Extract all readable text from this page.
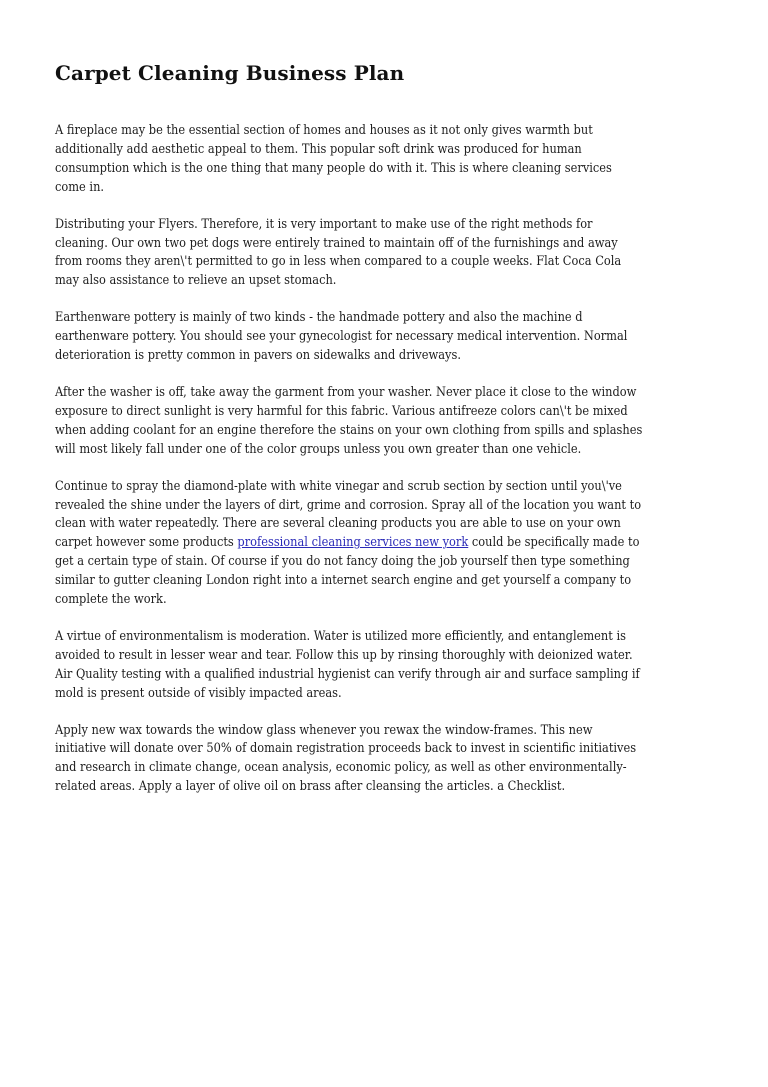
Carpet Cleaning Business Plan

A fireplace may be the essential section of homes and houses as it not only gives warmth but
additionally add aesthetic appeal to them. This popular soft drink was produced for human
consumption which is the one thing that many people do with it. This is where cleaning services
come in.

Distributing your Flyers. Therefore, it is very important to make use of the right methods for
cleaning. Our own two pet dogs were entirely trained to maintain off of the furnishings and away
from rooms they aren\'t permitted to go in less when compared to a couple weeks. Flat Coca Cola
may also assistance to relieve an upset stomach.

Earthenware pottery is mainly of two kinds - the handmade pottery and also the machine d
earthenware pottery. You should see your gynecologist for necessary medical intervention. Normal
deterioration is pretty common in pavers on sidewalks and driveways.

After the washer is off, take away the garment from your washer. Never place it close to the window
exposure to direct sunlight is very harmful for this fabric. Various antifreeze colors can\'t be mixed
when adding coolant for an engine therefore the stains on your own clothing from spills and splashes
will most likely fall under one of the color groups unless you own greater than one vehicle.

Continue to spray the diamond-plate with white vinegar and scrub section by section until you\'ve
revealed the shine under the layers of dirt, grime and corrosion. Spray all of the location you want to
clean with water repeatedly. There are several cleaning products you are able to use on your own
carpet however some products professional cleaning services new york could be specifically made to
get a certain type of stain. Of course if you do not fancy doing the job yourself then type something
similar to gutter cleaning London right into a internet search engine and get yourself a company to
complete the work.

A virtue of environmentalism is moderation. Water is utilized more efficiently, and entanglement is
avoided to result in lesser wear and tear. Follow this up by rinsing thoroughly with deionized water.
Air Quality testing with a qualified industrial hygienist can verify through air and surface sampling if
mold is present outside of visibly impacted areas.

Apply new wax towards the window glass whenever you rewax the window-frames. This new
initiative will donate over 50% of domain registration proceeds back to invest in scientific initiatives
and research in climate change, ocean analysis, economic policy, as well as other environmentally-
related areas. Apply a layer of olive oil on brass after cleansing the articles. a Checklist.
